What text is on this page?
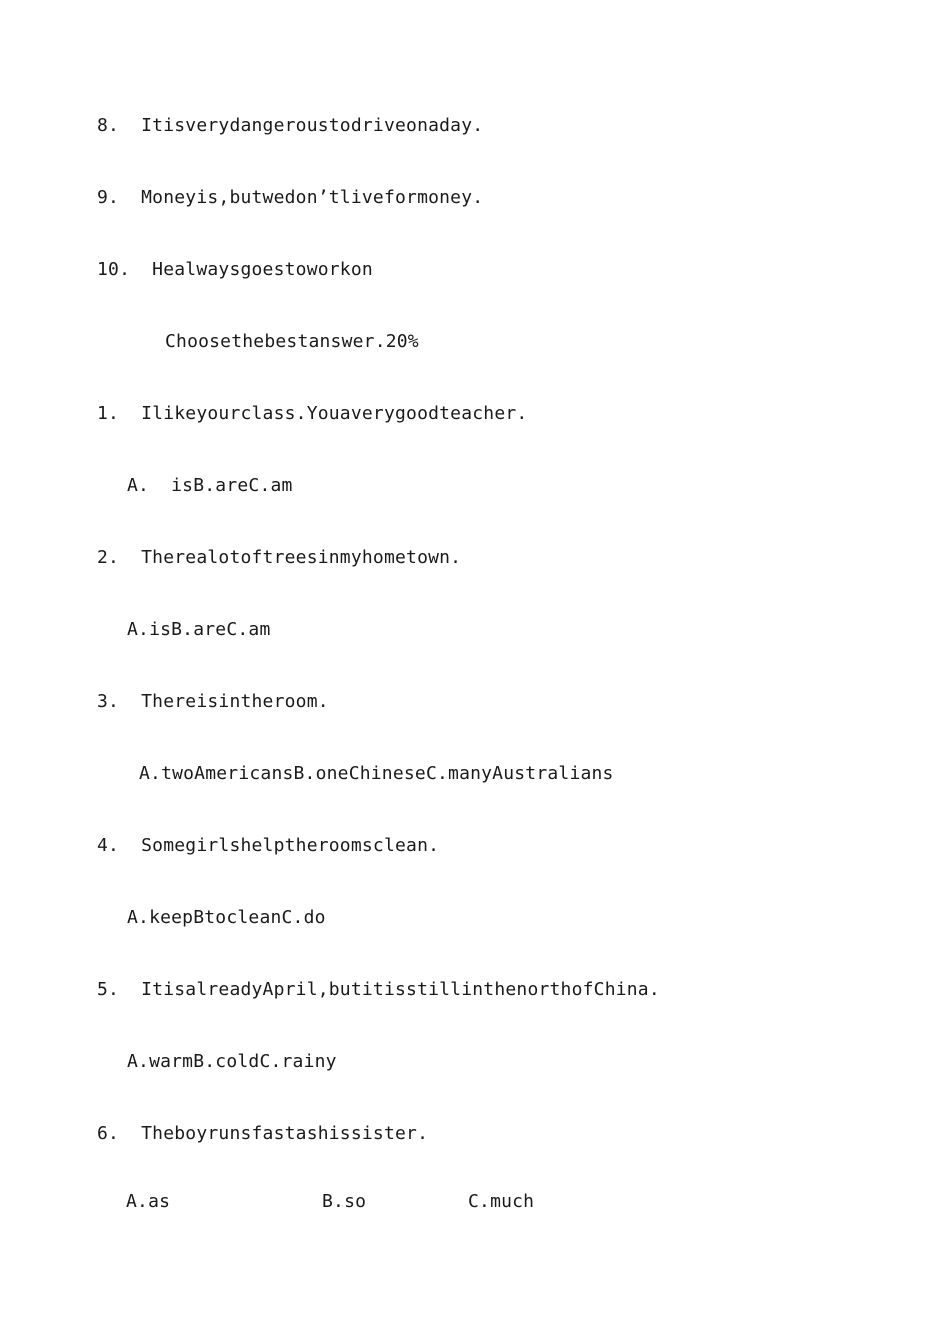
8.  Itisverydangeroustodriveonaday.
9.  Moneyis,butwedon’tliveformoney.
10.  Healwaysgoestoworkon
Choosethebestanswer.20%
1.  Ilikeyourclass.Youaverygoodteacher.
A.  isB.areC.am
2.  Therealotoftreesinmyhometown.
A.isB.areC.am
3.  Thereisintheroom.
A.twoAmericansB.oneChineseC.manyAustralians
4.  Somegirlshelptheroomsclean.
A.keepBtocleanC.do
5.  ItisalreadyApril,butitisstillinthenorthofChina.
A.warmB.coldC.rainy
6.  Theboyrunsfastashissister.
A.as	B.so	C.much
